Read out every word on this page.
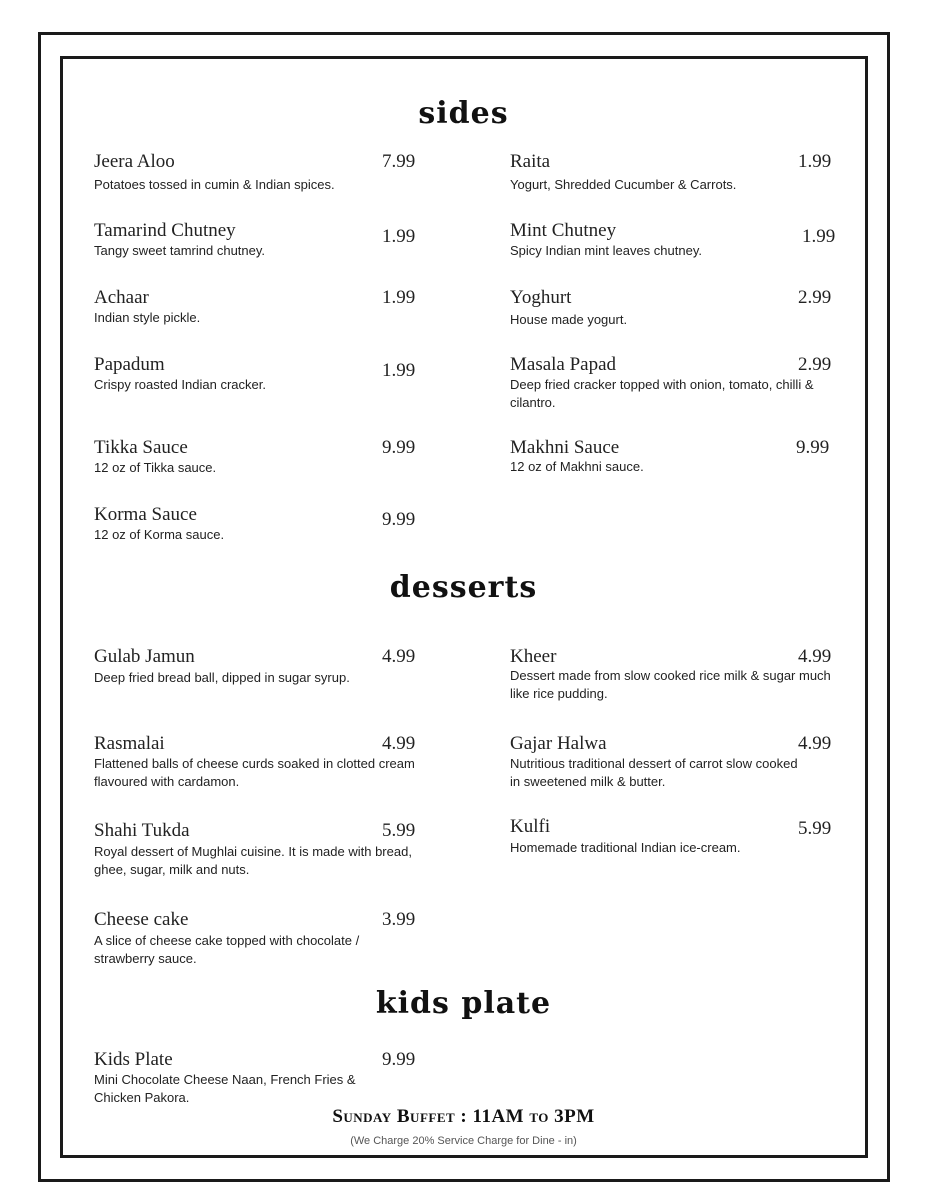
sides
Jeera Aloo	7.99
Potatoes tossed in cumin & Indian spices.
Tamarind Chutney	1.99
Tangy sweet tamrind chutney.
Achaar	1.99
Indian style pickle.
Papadum	1.99
Crispy roasted Indian cracker.
Tikka Sauce	9.99
12 oz of Tikka sauce.
Korma Sauce	9.99
12 oz of Korma sauce.
Raita	1.99
Yogurt, Shredded Cucumber & Carrots.
Mint Chutney	1.99
Spicy Indian mint leaves chutney.
Yoghurt	2.99
House made yogurt.
Masala Papad	2.99
Deep fried cracker topped with onion, tomato, chilli & cilantro.
Makhni Sauce	9.99
12 oz of Makhni sauce.
desserts
Gulab Jamun	4.99
Deep fried bread ball, dipped in sugar syrup.
Rasmalai	4.99
Flattened balls of cheese curds soaked in clotted cream flavoured with cardamon.
Shahi Tukda	5.99
Royal dessert of Mughlai cuisine. It is made with bread, ghee, sugar, milk and nuts.
Cheese cake	3.99
A slice of cheese cake topped with chocolate / strawberry sauce.
Kheer	4.99
Dessert made from slow cooked rice milk & sugar much like rice pudding.
Gajar Halwa	4.99
Nutritious traditional dessert of carrot slow cooked in sweetened milk & butter.
Kulfi	5.99
Homemade traditional Indian ice-cream.
kids plate
Kids Plate	9.99
Mini Chocolate Cheese Naan, French Fries & Chicken Pakora.
Sunday Buffet : 11AM to 3PM
(We Charge 20% Service Charge for Dine - in)
